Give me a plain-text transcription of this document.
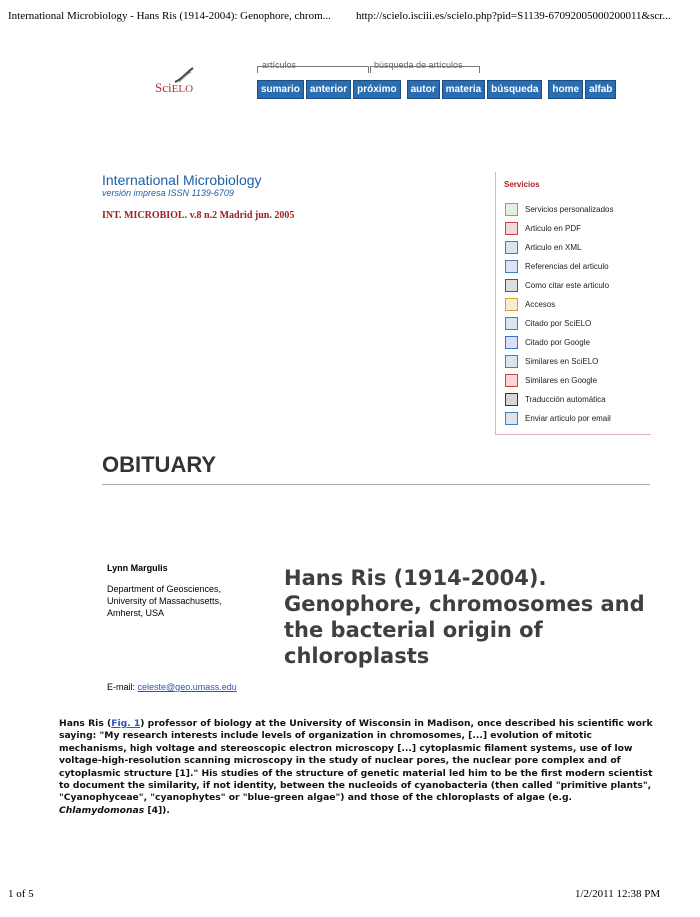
International Microbiology - Hans Ris (1914-2004): Genophore, chrom... http://scielo.isciii.es/scielo.php?pid=S1139-67092005000200011&scr...
SciELO
artículos	búsqueda de artículos
sumario	anterior	próximo	autor	materia	búsqueda	home	alfab
International Microbiology
versión impresa ISSN 1139-6709
INT. MICROBIOL. v.8 n.2 Madrid jun. 2005
Servicios
Servicios personalizados
Articulo en PDF
Articulo en XML
Referencias del articulo
Como citar este articulo
Accesos
Citado por SciELO
Citado por Google
Similares en SciELO
Similares en Google
Traducción automática
Enviar articulo por email
OBITUARY
Lynn Margulis
Department of Geosciences,
University of Massachusetts,
Amherst, USA
E-mail: celeste@geo.umass.edu
Hans Ris (1914-2004). Genophore, chromosomes and the bacterial origin of chloroplasts
Hans Ris (Fig. 1) professor of biology at the University of Wisconsin in Madison, once described his scientific work saying: "My research interests include levels of organization in chromosomes, [...] evolution of mitotic mechanisms, high voltage and stereoscopic electron microscopy [...] cytoplasmic filament systems, use of low voltage-high-resolution scanning microscopy in the study of nuclear pores, the nuclear pore complex and of cytoplasmic structure [1]." His studies of the structure of genetic material led him to be the first modern scientist to document the similarity, if not identity, between the nucleoids of cyanobacteria (then called "primitive plants", "Cyanophyceae", "cyanophytes" or "blue-green algae") and those of the chloroplasts of algae (e.g. Chlamydomonas [4]).
1 of 5	1/2/2011 12:38 PM
